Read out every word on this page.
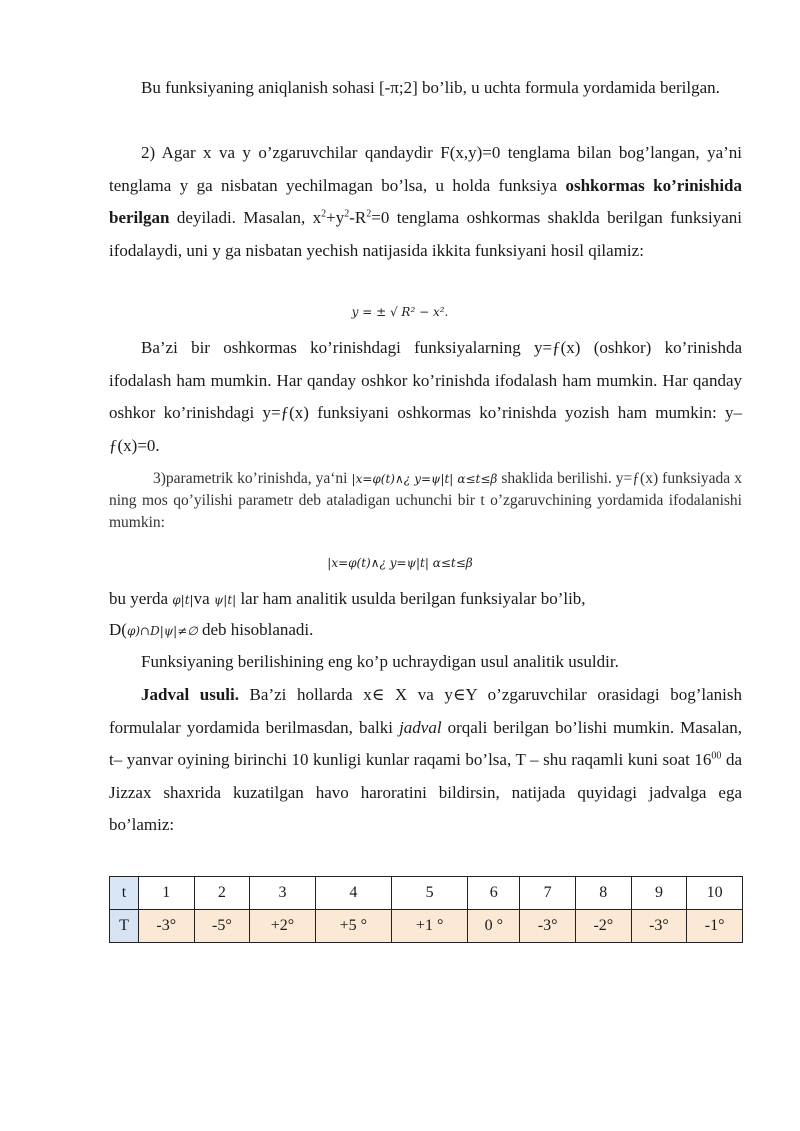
Bu funksiyaning aniqlanish sohasi [-π;2] bo’lib, u uchta formula yordamida berilgan.

2) Agar x va y o’zgaruvchilar qandaydir F(x,y)=0 tenglama bilan bog’langan, ya’ni tenglama y ga nisbatan yechilmagan bo’lsa, u holda funksiya oshkormas ko’rinishida berilgan deyiladi. Masalan, $x^2+y^2-R^2=0$ tenglama oshkormas shaklda berilgan funksiyani ifodalaydi, uni y ga nisbatan yechish natijasida ikkita funksiyani hosil qilamiz:

y = ± √ R² − x².

Ba’zi bir oshkormas ko’rinishdagi funksiyalarning y=ƒ(x) (oshkor) ko’rinishda ifodalash ham mumkin. Har qanday oshkor ko’rinishda ifodalash ham mumkin. Har qanday oshkor ko’rinishdagi y=ƒ(x) funksiyani oshkormas ko’rinishda yozish ham mumkin: y– ƒ(x)=0.

3)parametrik ko’rinishda, ya‘ni |x=φ(t)∧¿ y=ψ|t| α≤t≤β shaklida berilishi. y=ƒ(x) funksiyada x ning mos qo’yilishi parametr deb ataladigan uchunchi bir t o’zgaruvchining yordamida ifodalanishi mumkin:

|x=φ(t)∧¿ y=ψ|t| α≤t≤β

bu yerda φ|t|va ψ|t| lar ham analitik usulda berilgan funksiyalar bo’lib,

D(φ)∩D|ψ|≠∅ deb hisoblanadi.

Funksiyaning berilishining eng ko’p uchraydigan usul analitik usuldir.

Jadval usuli. Ba’zi hollarda x∈ X va y∈Y o’zgaruvchilar orasidagi bog’lanish formulalar yordamida berilmasdan, balki jadval orqali berilgan bo’lishi mumkin. Masalan, t– yanvar oyining birinchi 10 kunligi kunlar raqami bo’lsa, T – shu raqamli kuni soat $16^{00}$ da Jizzax shaxrida kuzatilgan havo haroratini bildirsin, natijada quyidagi jadvalga ega bo’lamiz:

t	1	2	3	4	5	6	7	8	9	10
T	-3°	-5°	+2°	+5 °	+1 °	0 °	-3°	-2°	-3°	-1°
